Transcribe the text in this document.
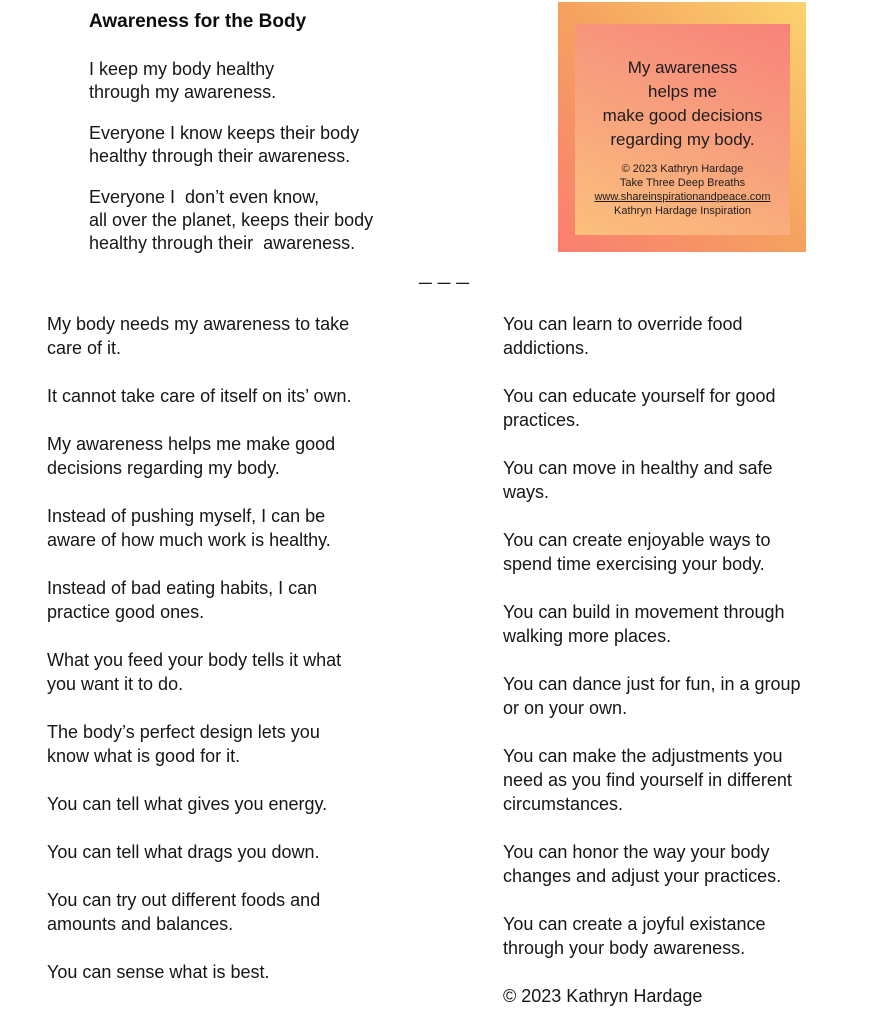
Awareness for the Body
I keep my body healthy
through my awareness.
Everyone I know keeps their body
healthy through their awareness.
Everyone I  don’t even know,
all over the planet, keeps their body
healthy through their  awareness.
My awareness
helps me
make good decisions
regarding my body.
© 2023 Kathryn Hardage
Take Three Deep Breaths
www.shareinspirationandpeace.com
Kathryn Hardage Inspiration
— — —
My body needs my awareness to take
care of it.
It cannot take care of itself on its’ own.
My awareness helps me make good
decisions regarding my body.
Instead of pushing myself, I can be
aware of how much work is healthy.
Instead of bad eating habits, I can
practice good ones.
What you feed your body tells it what
you want it to do.
The body’s perfect design lets you
know what is good for it.
You can tell what gives you energy.
You can tell what drags you down.
You can try out different foods and
amounts and balances.
You can sense what is best.
You can learn to override food
addictions.
You can educate yourself for good
practices.
You can move in healthy and safe
ways.
You can create enjoyable ways to
spend time exercising your body.
You can build in movement through
walking more places.
You can dance just for fun, in a group
or on your own.
You can make the adjustments you
need as you find yourself in different
circumstances.
You can honor the way your body
changes and adjust your practices.
You can create a joyful existance
through your body awareness.
© 2023 Kathryn Hardage
